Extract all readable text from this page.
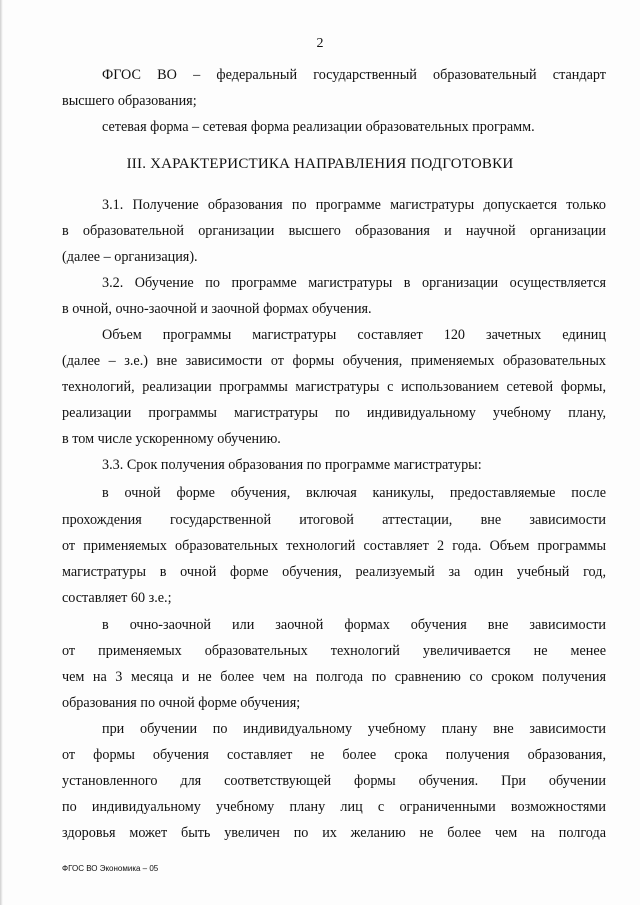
2
ФГОС ВО – федеральный государственный образовательный стандарт
высшего образования;
сетевая форма – сетевая форма реализации образовательных программ.
III. ХАРАКТЕРИСТИКА НАПРАВЛЕНИЯ ПОДГОТОВКИ
3.1. Получение образования по программе магистратуры допускается только
в образовательной организации высшего образования и научной организации
(далее – организация).
3.2. Обучение по программе магистратуры в организации осуществляется
в очной, очно-заочной и заочной формах обучения.
Объем программы магистратуры составляет 120 зачетных единиц
(далее – з.е.) вне зависимости от формы обучения, применяемых образовательных
технологий, реализации программы магистратуры с использованием сетевой формы,
реализации программы магистратуры по индивидуальному учебному плану,
в том числе ускоренному обучению.
3.3. Срок получения образования по программе магистратуры:
в очной форме обучения, включая каникулы, предоставляемые после
прохождения государственной итоговой аттестации, вне зависимости
от применяемых образовательных технологий составляет 2 года. Объем программы
магистратуры в очной форме обучения, реализуемый за один учебный год,
составляет 60 з.е.;
в очно-заочной или заочной формах обучения вне зависимости
от применяемых образовательных технологий увеличивается не менее
чем на 3 месяца и не более чем на полгода по сравнению со сроком получения
образования по очной форме обучения;
при обучении по индивидуальному учебному плану вне зависимости
от формы обучения составляет не более срока получения образования,
установленного для соответствующей формы обучения. При обучении
по индивидуальному учебному плану лиц с ограниченными возможностями
здоровья может быть увеличен по их желанию не более чем на полгода
ФГОС ВО Экономика – 05
